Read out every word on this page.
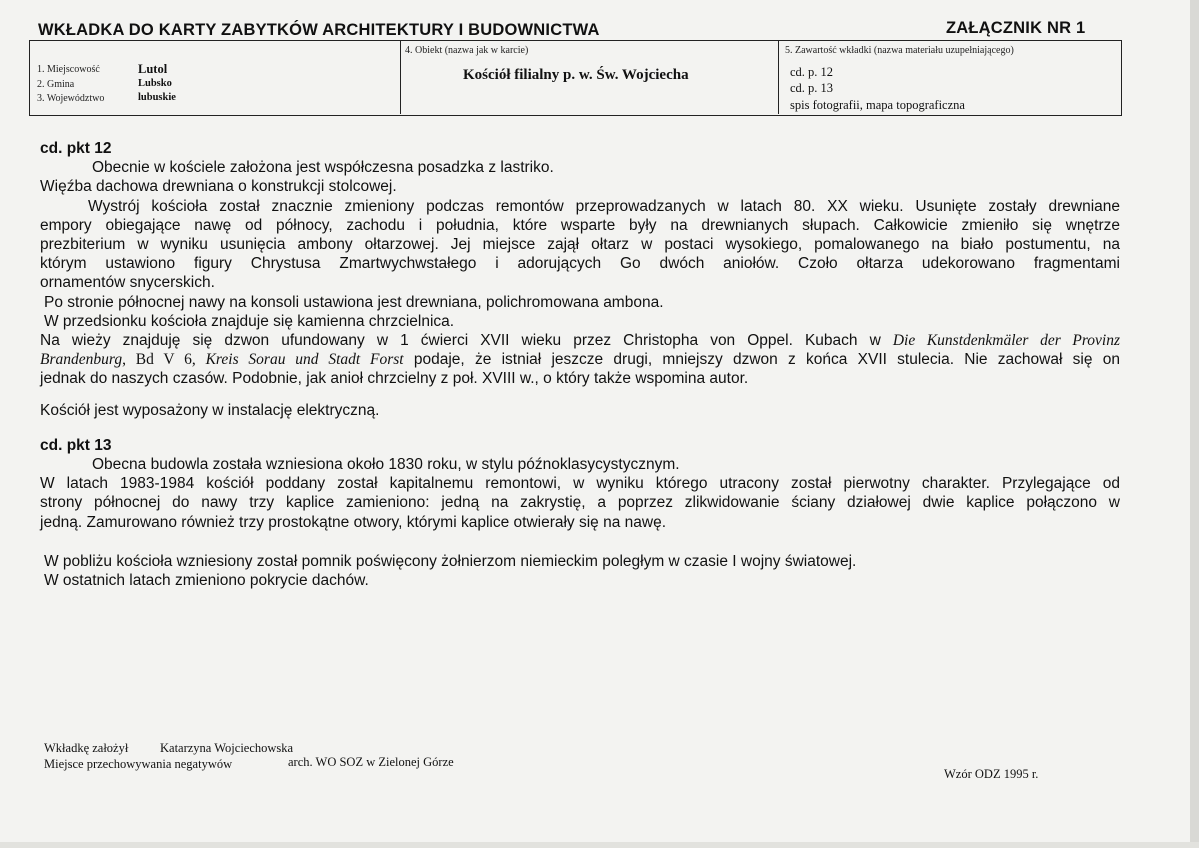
WKŁADKA DO KARTY ZABYTKÓW ARCHITEKTURY I BUDOWNICTWA	ZAŁĄCZNIK NR 1
1. Miejscowość	Lutol
2. Gmina	Lubsko
3. Województwo	lubuskie
4. Obiekt (nazwa jak w karcie)
Kościół filialny p. w. Św. Wojciecha
5. Zawartość wkładki (nazwa materiału uzupełniającego)
cd. p. 12
cd. p. 13
spis fotografii, mapa topograficzna
cd. pkt 12

Obecnie w kościele założona jest współczesna posadzka z lastriko.

Więźba dachowa drewniana o konstrukcji stolcowej.

Wystrój kościoła został znacznie zmieniony podczas remontów przeprowadzanych w latach 80. XX wieku. Usunięte zostały drewniane

empory obiegające nawę od północy, zachodu i południa, które wsparte były na drewnianych słupach. Całkowicie zmieniło się wnętrze

prezbiterium w wyniku usunięcia ambony ołtarzowej. Jej miejsce zajął ołtarz w postaci wysokiego, pomalowanego na biało postumentu, na

którym ustawiono figury Chrystusa Zmartwychwstałego i adorujących Go dwóch aniołów. Czoło ołtarza udekorowano fragmentami

ornamentów snycerskich.

Po stronie północnej nawy na konsoli ustawiona jest drewniana, polichromowana ambona.

W przedsionku kościoła znajduje się kamienna chrzcielnica.

Na wieży znajduję się dzwon ufundowany w 1 ćwierci XVII wieku przez Christopha von Oppel. Kubach w Die Kunstdenkmäler der Provinz

Brandenburg, Bd V 6, Kreis Sorau und Stadt Forst podaje, że istniał jeszcze drugi, mniejszy dzwon z końca XVII stulecia. Nie zachował się on

jednak do naszych czasów. Podobnie, jak anioł chrzcielny z poł. XVIII w., o który także wspomina autor.

Kościół jest wyposażony w instalację elektryczną.

cd. pkt 13

Obecna budowla została wzniesiona około 1830 roku, w stylu późnoklasycystycznym.

W latach 1983-1984 kościół poddany został kapitalnemu remontowi, w wyniku którego utracony został pierwotny charakter. Przylegające od

strony północnej do nawy trzy kaplice zamieniono: jedną na zakrystię, a poprzez zlikwidowanie ściany działowej dwie kaplice połączono w

jedną. Zamurowano również trzy prostokątne otwory, którymi kaplice otwierały się na nawę.

W pobliżu kościoła wzniesiony został pomnik poświęcony żołnierzom niemieckim poległym w czasie I wojny światowej.

W ostatnich latach zmieniono pokrycie dachów.

Wkładkę założył	Katarzyna Wojciechowska
Miejsce przechowywania negatywów	arch. WO SOZ w Zielonej Górze
Wzór ODZ 1995 r.
